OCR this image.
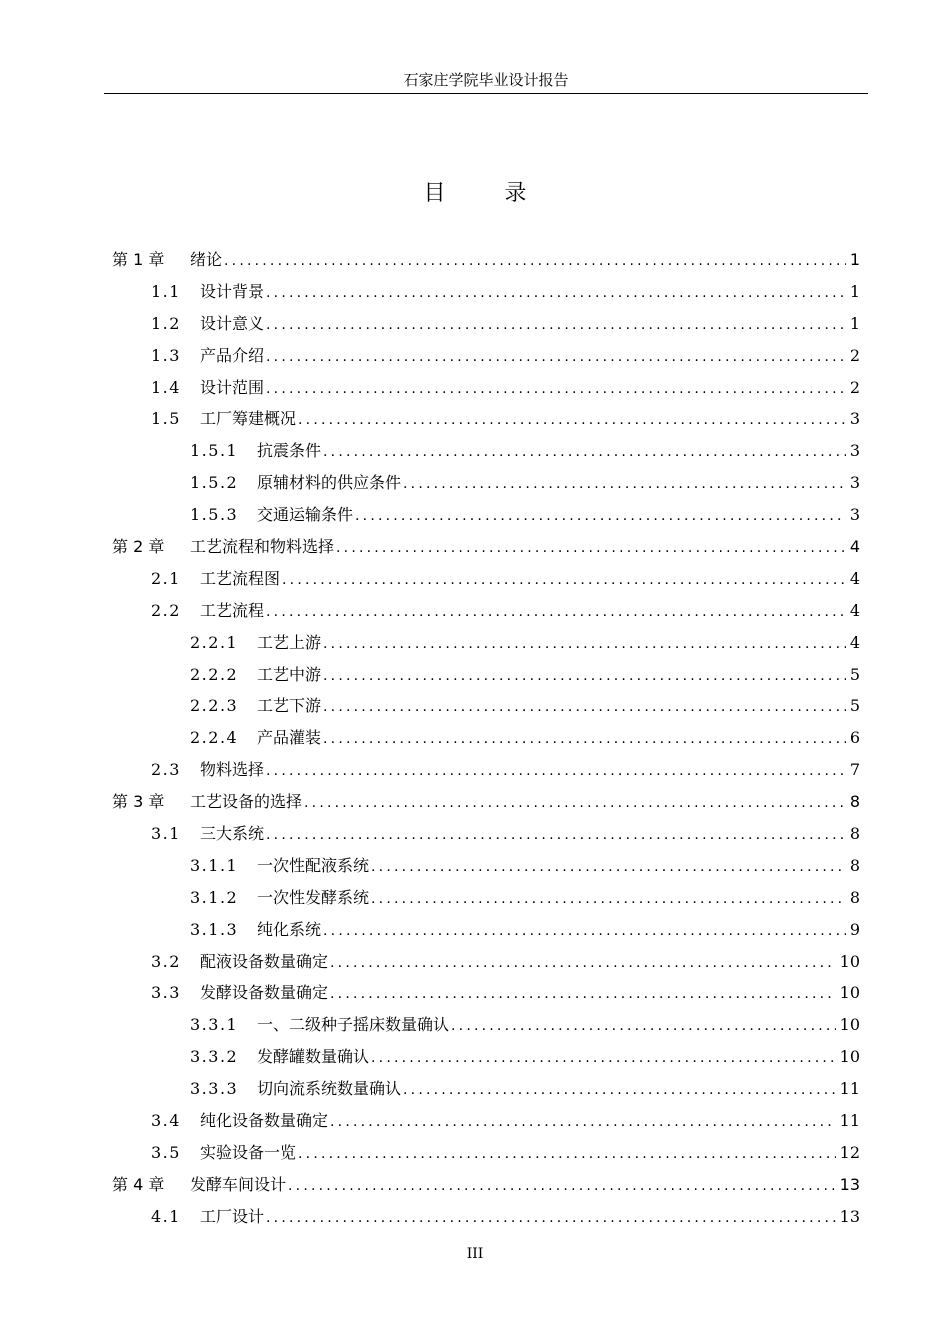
石家庄学院毕业设计报告
目 录
第 1 章	绪论 .....	1
1.1	设计背景 .....	1
1.2	设计意义 .....	1
1.3	产品介绍 .....	2
1.4	设计范围 .....	2
1.5	工厂筹建概况 .....	3
1.5.1	抗震条件 .....	3
1.5.2	原辅材料的供应条件 .....	3
1.5.3	交通运输条件 .....	3
第 2 章	工艺流程和物料选择 .....	4
2.1	工艺流程图 .....	4
2.2	工艺流程 .....	4
2.2.1	工艺上游 .....	4
2.2.2	工艺中游 .....	5
2.2.3	工艺下游 .....	5
2.2.4	产品灌装 .....	6
2.3	物料选择 .....	7
第 3 章	工艺设备的选择 .....	8
3.1	三大系统 .....	8
3.1.1	一次性配液系统 .....	8
3.1.2	一次性发酵系统 .....	8
3.1.3	纯化系统 .....	9
3.2	配液设备数量确定 .....	10
3.3	发酵设备数量确定 .....	10
3.3.1	一、二级种子摇床数量确认 .....	10
3.3.2	发酵罐数量确认 .....	10
3.3.3	切向流系统数量确认 .....	11
3.4	纯化设备数量确定 .....	11
3.5	实验设备一览 .....	12
第 4 章	发酵车间设计 .....	13
4.1	工厂设计 .....	13
III
